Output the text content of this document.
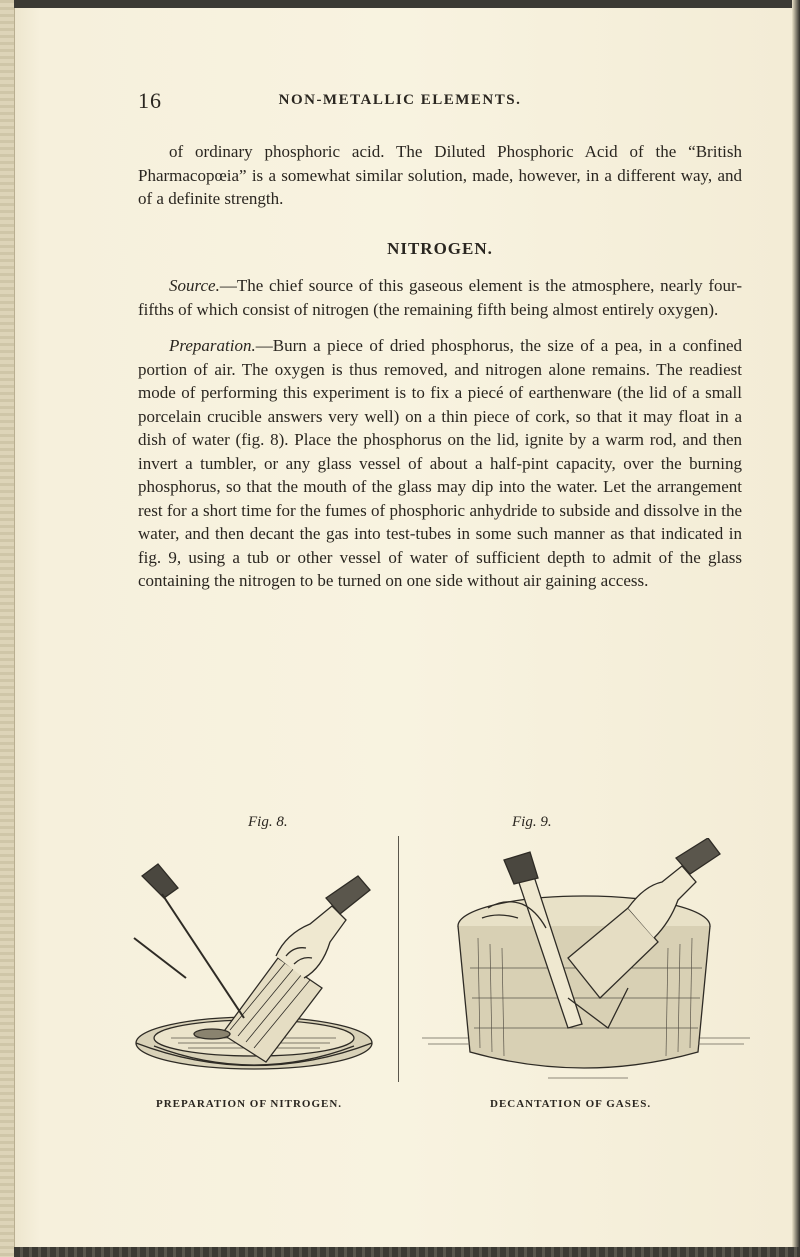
16	NON-METALLIC ELEMENTS.

of ordinary phosphoric acid. The Diluted Phosphoric Acid of the “British Pharmacopœia” is a somewhat similar solution, made, however, in a different way, and of a definite strength.

NITROGEN.

Source.—The chief source of this gaseous element is the atmosphere, nearly four-fifths of which consist of nitrogen (the remaining fifth being almost entirely oxygen).

Preparation.—Burn a piece of dried phosphorus, the size of a pea, in a confined portion of air. The oxygen is thus removed, and nitrogen alone remains. The readiest mode of performing this experiment is to fix a piecé of earthenware (the lid of a small porcelain crucible answers very well) on a thin piece of cork, so that it may float in a dish of water (fig. 8). Place the phosphorus on the lid, ignite by a warm rod, and then invert a tumbler, or any glass vessel of about a half-pint capacity, over the burning phosphorus, so that the mouth of the glass may dip into the water. Let the arrangement rest for a short time for the fumes of phosphoric anhydride to subside and dissolve in the water, and then decant the gas into test-tubes in some such manner as that indicated in fig. 9, using a tub or other vessel of water of sufficient depth to admit of the glass containing the nitrogen to be turned on one side without air gaining access.

Fig. 8.	Fig. 9.
PREPARATION OF NITROGEN.	DECANTATION OF GASES.
